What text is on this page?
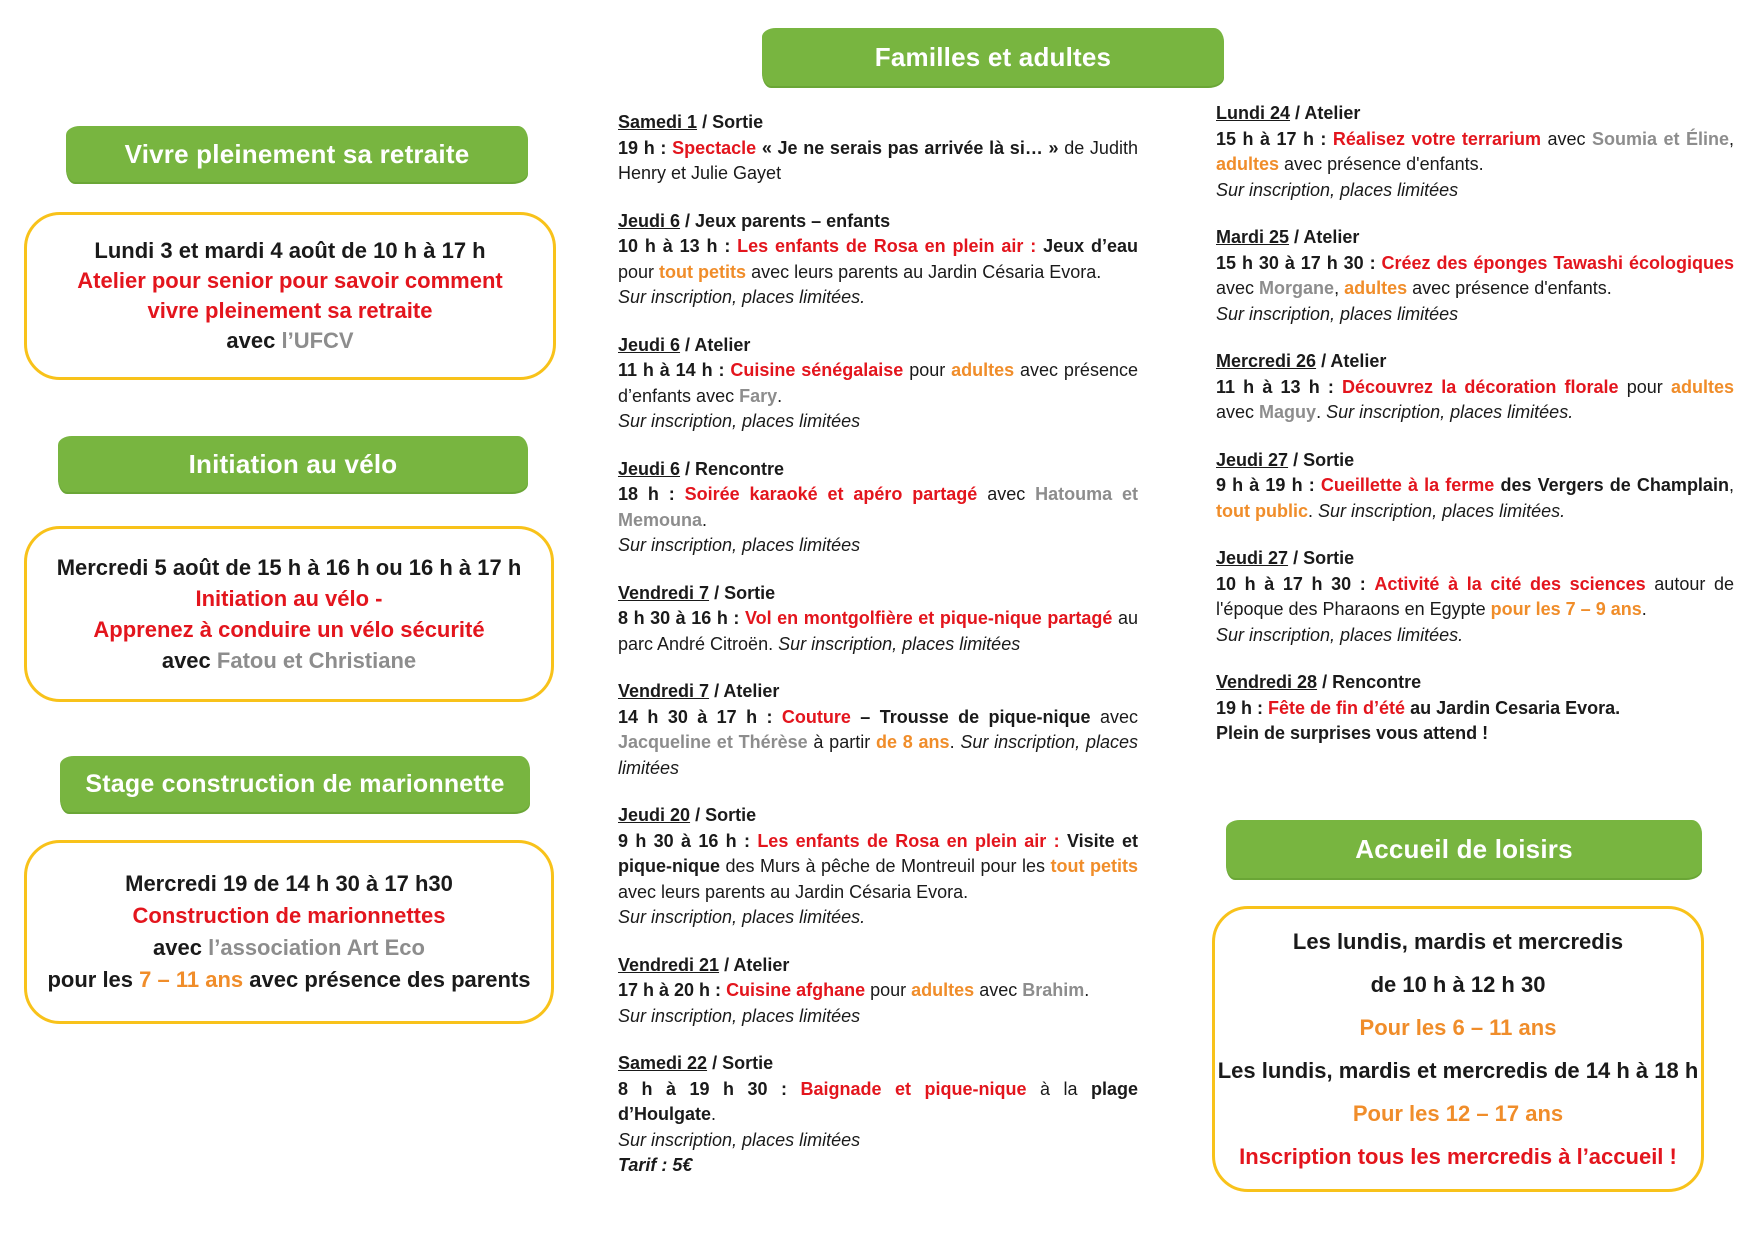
Vivre pleinement sa retraite

Lundi 3 et mardi 4 août de 10 h à 17 h

Atelier pour senior pour savoir comment

vivre pleinement sa retraite

avec l’UFCV

Initiation au vélo

Mercredi 5 août de 15 h à 16 h ou 16 h à 17 h

Initiation au vélo -

Apprenez à conduire un vélo sécurité

avec Fatou et Christiane

Stage construction de marionnette

Mercredi 19 de 14 h 30 à 17 h30

Construction de marionnettes

avec l’association Art Eco

pour les 7 – 11 ans avec présence des parents

Familles et adultes

Samedi 1 / Sortie

19 h : Spectacle « Je ne serais pas arrivée là si… » de Judith Henry et Julie Gayet

Jeudi 6 / Jeux parents – enfants

10 h à 13 h : Les enfants de Rosa en plein air : Jeux d’eau pour tout petits avec leurs parents au Jardin Césaria Evora.

Sur inscription, places limitées.

Jeudi 6 / Atelier

11 h à 14 h : Cuisine sénégalaise pour adultes avec présence d’enfants avec Fary.

Sur inscription, places limitées

Jeudi 6 / Rencontre

18 h : Soirée karaoké et apéro partagé avec Hatouma et Memouna.

Sur inscription, places limitées

Vendredi 7 / Sortie

8 h 30 à 16 h : Vol en montgolfière et pique-nique partagé au parc André Citroën. Sur inscription, places limitées

Vendredi 7 / Atelier

14 h 30 à 17 h : Couture – Trousse de pique-nique avec Jacqueline et Thérèse à partir de 8 ans. Sur inscription, places limitées

Jeudi 20 / Sortie

9 h 30 à 16 h : Les enfants de Rosa en plein air : Visite et pique-nique des Murs à pêche de Montreuil pour les tout petits avec leurs parents au Jardin Césaria Evora.

Sur inscription, places limitées.

Vendredi 21 / Atelier

17 h à 20 h : Cuisine afghane pour adultes avec Brahim.

Sur inscription, places limitées

Samedi 22 / Sortie

8 h à 19 h 30 : Baignade et pique-nique à la plage d’Houlgate.

Sur inscription, places limitées

Tarif : 5€

Lundi 24 / Atelier

15 h à 17 h : Réalisez votre terrarium avec Soumia et Éline, adultes avec présence d'enfants.

Sur inscription, places limitées

Mardi 25 / Atelier

15 h 30 à 17 h 30 : Créez des éponges Tawashi écologiques avec Morgane, adultes avec présence d'enfants.

Sur inscription, places limitées

Mercredi 26 / Atelier

11 h à 13 h : Découvrez la décoration florale pour adultes avec Maguy. Sur inscription, places limitées.

Jeudi 27 / Sortie

9 h à 19 h : Cueillette à la ferme des Vergers de Champlain, tout public. Sur inscription, places limitées.

Jeudi 27 / Sortie

10 h à 17 h 30 : Activité à la cité des sciences autour de l'époque des Pharaons en Egypte pour les 7 – 9 ans.

Sur inscription, places limitées.

Vendredi 28 / Rencontre

19 h : Fête de fin d’été au Jardin Cesaria Evora.

Plein de surprises vous attend !

Accueil de loisirs

Les lundis, mardis et mercredis

de 10 h à 12 h 30

Pour les 6 – 11 ans

Les lundis, mardis et mercredis de 14 h à 18 h

Pour les 12 – 17 ans

Inscription tous les mercredis à l’accueil !
